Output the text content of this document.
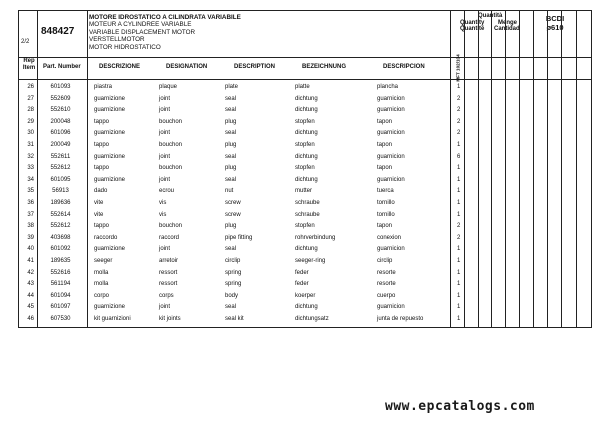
2/2
848427
MOTORE IDROSTATICO A CILINDRATA VARIABILE
MOTEUR A CYLINDREE VARIABLE
VARIABLE DISPLACEMENT MOTOR
VERSTELLMOTOR
MOTOR HIDROSTATICO
Quantità
Quantity Menge
Quantité Cantidad
BCDI
ø610
Rep
Item	Part. Number	DESCRIZIONE	DESIGNATION	DESCRIPTION	BEZEICHNUNG	DESCRIPCION	MFT 102/104
26	601093	piastra	plaque	plate	platte	plancha	1
27	552609	guarnizione	joint	seal	dichtung	guarnicion	2
28	552610	guarnizione	joint	seal	dichtung	guarnicion	2
29	200048	tappo	bouchon	plug	stopfen	tapon	2
30	601096	guarnizione	joint	seal	dichtung	guarnicion	2
31	200049	tappo	bouchon	plug	stopfen	tapon	1
32	552611	guarnizione	joint	seal	dichtung	guarnicion	6
33	552612	tappo	bouchon	plug	stopfen	tapon	1
34	601095	guarnizione	joint	seal	dichtung	guarnicion	1
35	56913	dado	ecrou	nut	mutter	tuerca	1
36	189636	vite	vis	screw	schraube	tornillo	1
37	552614	vite	vis	screw	schraube	tornillo	1
38	552612	tappo	bouchon	plug	stopfen	tapon	2
39	403698	raccordo	raccord	pipe fitting	rohrverbindung	conexion	2
40	601092	guarnizione	joint	seal	dichtung	guarnicion	1
41	189635	seeger	arretoir	circlip	seeger-ring	circlip	1
42	552616	molla	ressort	spring	feder	resorte	1
43	561194	molla	ressort	spring	feder	resorte	1
44	601094	corpo	corps	body	koerper	cuerpo	1
45	601097	guarnizione	joint	seal	dichtung	guarnicion	1
46	607530	kit guarnizioni	kit joints	seal kit	dichtungsatz	junta de repuesto	1
www.epcatalogs.com
